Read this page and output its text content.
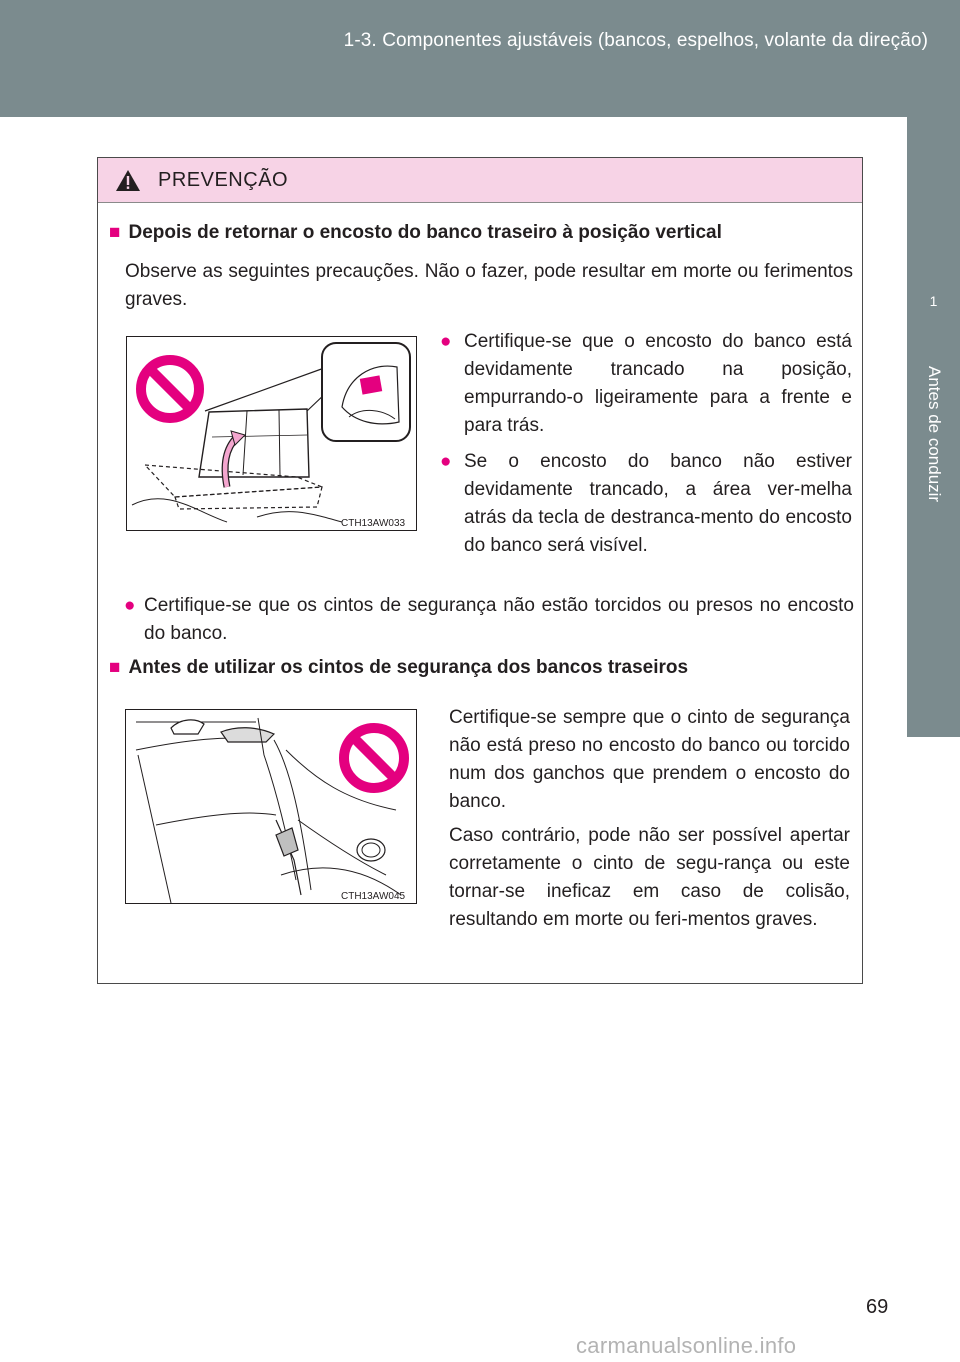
1-3. Componentes ajustáveis (bancos, espelhos, volante da direção)
1
Antes de conduzir
PREVENÇÃO
■ Depois de retornar o encosto do banco traseiro à posição vertical

Observe as seguintes precauções. Não o fazer, pode resultar em morte ou ferimentos graves.

CTH13AW033
● Certifique-se que o encosto do banco está devidamente trancado na posição, empurrando-o ligeiramente para a frente e para trás.

● Se o encosto do banco não estiver devidamente trancado, a área ver-melha atrás da tecla de destranca-mento do encosto do banco será visível.

● Certifique-se que os cintos de segurança não estão torcidos ou presos no encosto do banco.

■ Antes de utilizar os cintos de segurança dos bancos traseiros
CTH13AW045

Certifique-se sempre que o cinto de segurança não está preso no encosto do banco ou torcido num dos ganchos que prendem o encosto do banco.

Caso contrário, pode não ser possível apertar corretamente o cinto de segu-rança ou este tornar-se ineficaz em caso de colisão, resultando em morte ou feri-mentos graves.

69
carmanualsonline.info
